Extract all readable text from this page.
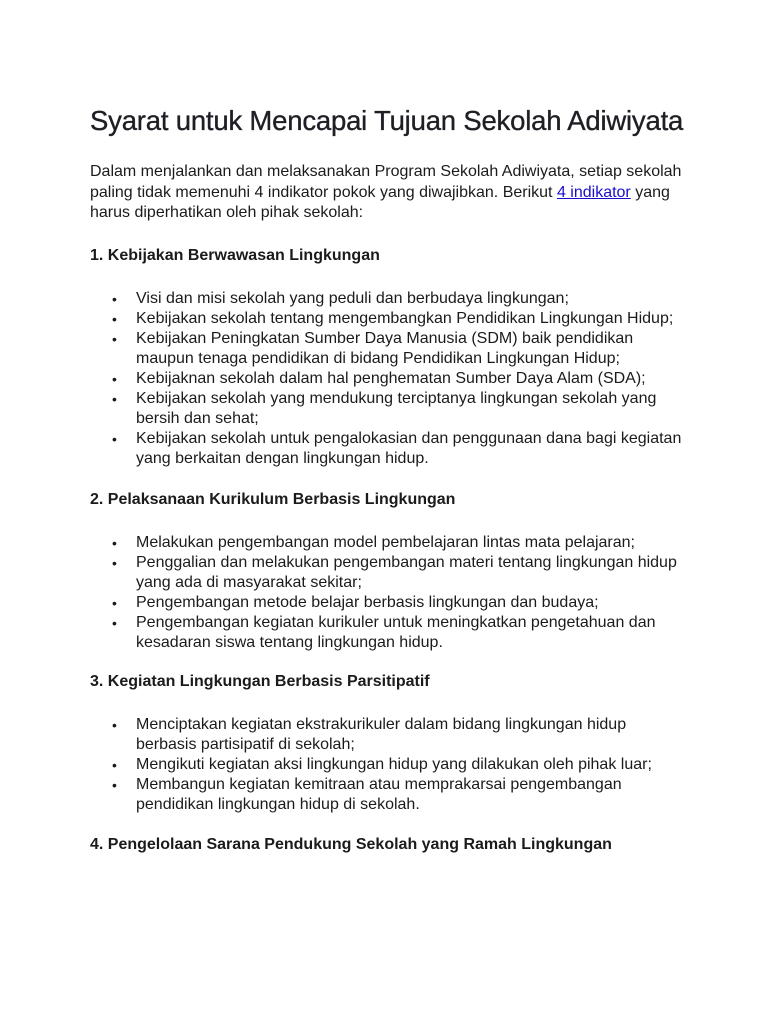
Syarat untuk Mencapai Tujuan Sekolah Adiwiyata

Dalam menjalankan dan melaksanakan Program Sekolah Adiwiyata, setiap sekolah paling tidak memenuhi 4 indikator pokok yang diwajibkan. Berikut 4 indikator yang harus diperhatikan oleh pihak sekolah:

1. Kebijakan Berwawasan Lingkungan
• Visi dan misi sekolah yang peduli dan berbudaya lingkungan;
• Kebijakan sekolah tentang mengembangkan Pendidikan Lingkungan Hidup;
• Kebijakan Peningkatan Sumber Daya Manusia (SDM) baik pendidikan maupun tenaga pendidikan di bidang Pendidikan Lingkungan Hidup;
• Kebijaknan sekolah dalam hal penghematan Sumber Daya Alam (SDA);
• Kebijakan sekolah yang mendukung terciptanya lingkungan sekolah yang bersih dan sehat;
• Kebijakan sekolah untuk pengalokasian dan penggunaan dana bagi kegiatan yang berkaitan dengan lingkungan hidup.
2. Pelaksanaan Kurikulum Berbasis Lingkungan
• Melakukan pengembangan model pembelajaran lintas mata pelajaran;
• Penggalian dan melakukan pengembangan materi tentang lingkungan hidup yang ada di masyarakat sekitar;
• Pengembangan metode belajar berbasis lingkungan dan budaya;
• Pengembangan kegiatan kurikuler untuk meningkatkan pengetahuan dan kesadaran siswa tentang lingkungan hidup.
3. Kegiatan Lingkungan Berbasis Parsitipatif
• Menciptakan kegiatan ekstrakurikuler dalam bidang lingkungan hidup berbasis partisipatif di sekolah;
• Mengikuti kegiatan aksi lingkungan hidup yang dilakukan oleh pihak luar;
• Membangun kegiatan kemitraan atau memprakarsai pengembangan pendidikan lingkungan hidup di sekolah.
4. Pengelolaan Sarana Pendukung Sekolah yang Ramah Lingkungan
